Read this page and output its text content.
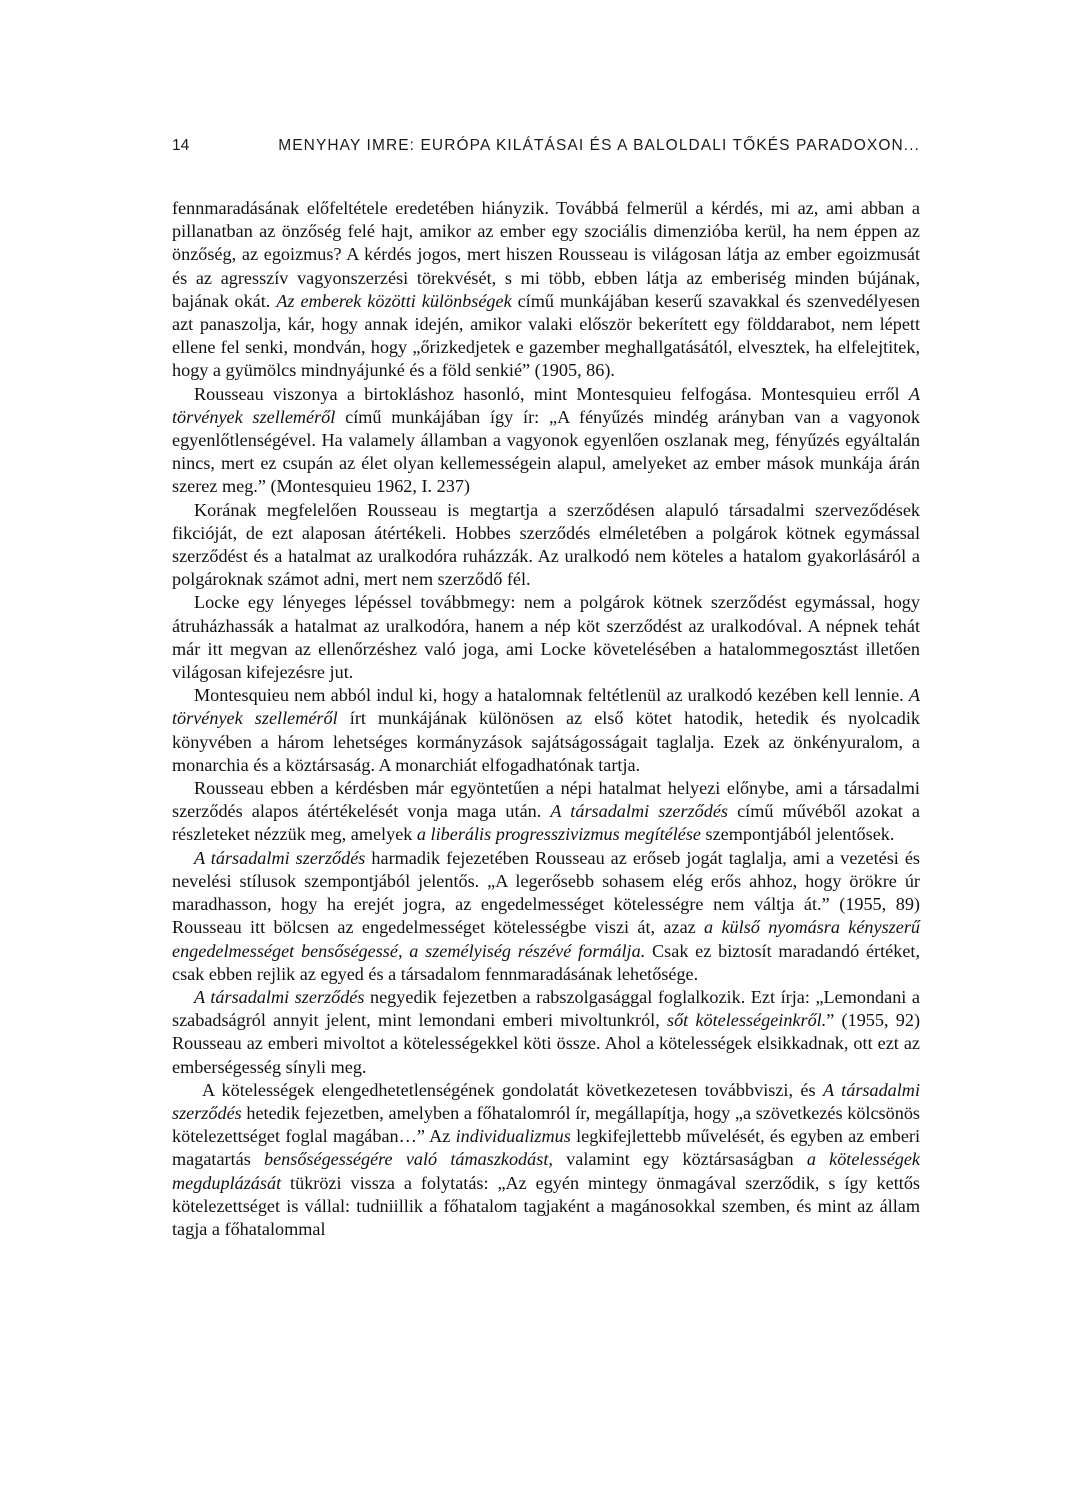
14	MENYHAY IMRE: EURÓPA KILÁTÁSAI ÉS A BALOLDALI TŐKÉS PARADOXON...

fennmaradásának előfeltétele eredetében hiányzik. Továbbá felmerül a kérdés, mi az, ami abban a pillanatban az önzőség felé hajt, amikor az ember egy szociális dimenzióba kerül, ha nem éppen az önzőség, az egoizmus? A kérdés jogos, mert hiszen Rousseau is világosan látja az ember egoizmusát és az agresszív vagyonszerzési törekvését, s mi több, ebben látja az emberiség minden bújának, bajának okát. Az emberek közötti különbségek című munkájában keserű szavakkal és szenvedélyesen azt panaszolja, kár, hogy annak idején, amikor valaki először bekerített egy földdarabot, nem lépett ellene fel senki, mondván, hogy „őrizkedjetek e gazember meghallgatásától, elvesztek, ha elfelejtitek, hogy a gyümölcs mindnyájunké és a föld senkié” (1905, 86).

Rousseau viszonya a birtokláshoz hasonló, mint Montesquieu felfogása. Montesquieu erről A törvények szelleméről című munkájában így ír: „A fényűzés mindég arányban van a vagyonok egyenlőtlenségével. Ha valamely államban a vagyonok egyenlően oszlanak meg, fényűzés egyáltalán nincs, mert ez csupán az élet olyan kellemességein alapul, amelyeket az ember mások munkája árán szerez meg.” (Montesquieu 1962, I. 237)

Korának megfelelően Rousseau is megtartja a szerződésen alapuló társadalmi szerveződések fikcióját, de ezt alaposan átértékeli. Hobbes szerződés elméletében a polgárok kötnek egymással szerződést és a hatalmat az uralkodóra ruházzák. Az uralkodó nem köteles a hatalom gyakorlásáról a polgároknak számot adni, mert nem szerződő fél.

Locke egy lényeges lépéssel továbbmegy: nem a polgárok kötnek szerződést egymással, hogy átruházhassák a hatalmat az uralkodóra, hanem a nép köt szerződést az uralkodóval. A népnek tehát már itt megvan az ellenőrzéshez való joga, ami Locke követelésében a hatalommegosztást illetően világosan kifejezésre jut.

Montesquieu nem abból indul ki, hogy a hatalomnak feltétlenül az uralkodó kezében kell lennie. A törvények szelleméről írt munkájának különösen az első kötet hatodik, hetedik és nyolcadik könyvében a három lehetséges kormányzások sajátságosságait taglalja. Ezek az önkényuralom, a monarchia és a köztársaság. A monarchiát elfogadhatónak tartja.

Rousseau ebben a kérdésben már egyöntetűen a népi hatalmat helyezi előnybe, ami a társadalmi szerződés alapos átértékelését vonja maga után. A társadalmi szerződés című művéből azokat a részleteket nézzük meg, amelyek a liberális progresszivizmus megítélése szempontjából jelentősek.

A társadalmi szerződés harmadik fejezetében Rousseau az erőseb jogát taglalja, ami a vezetési és nevelési stílusok szempontjából jelentős. „A legerősebb sohasem elég erős ahhoz, hogy örökre úr maradhasson, hogy ha erejét jogra, az engedelmességet kötelességre nem váltja át.” (1955, 89) Rousseau itt bölcsen az engedelmességet kötelességbe viszi át, azaz a külső nyomásra kényszerű engedelmességet bensőségessé, a személyiség részévé formálja. Csak ez biztosít maradandó értéket, csak ebben rejlik az egyed és a társadalom fennmaradásának lehetősége.

A társadalmi szerződés negyedik fejezetben a rabszolgasággal foglalkozik. Ezt írja: „Lemondani a szabadságról annyit jelent, mint lemondani emberi mivoltunkról, sőt kötelességeinkről.” (1955, 92) Rousseau az emberi mivoltot a kötelességekkel köti össze. Ahol a kötelességek elsikkadnak, ott ezt az emberségesség sínyli meg.

A kötelességek elengedhetetlenségének gondolatát következetesen továbbviszi, és A társadalmi szerződés hetedik fejezetben, amelyben a főhatalomról ír, megállapítja, hogy „a szövetkezés kölcsönös kötelezettséget foglal magában…” Az individualizmus legkifejlettebb művelését, és egyben az emberi magatartás bensőségességére való támaszkodást, valamint egy köztársaságban a kötelességek megduplázását tükrözi vissza a folytatás: „Az egyén mintegy önmagával szerződik, s így kettős kötelezettséget is vállal: tudniillik a főhatalom tagjaként a magánosokkal szemben, és mint az állam tagja a főhatalommal
